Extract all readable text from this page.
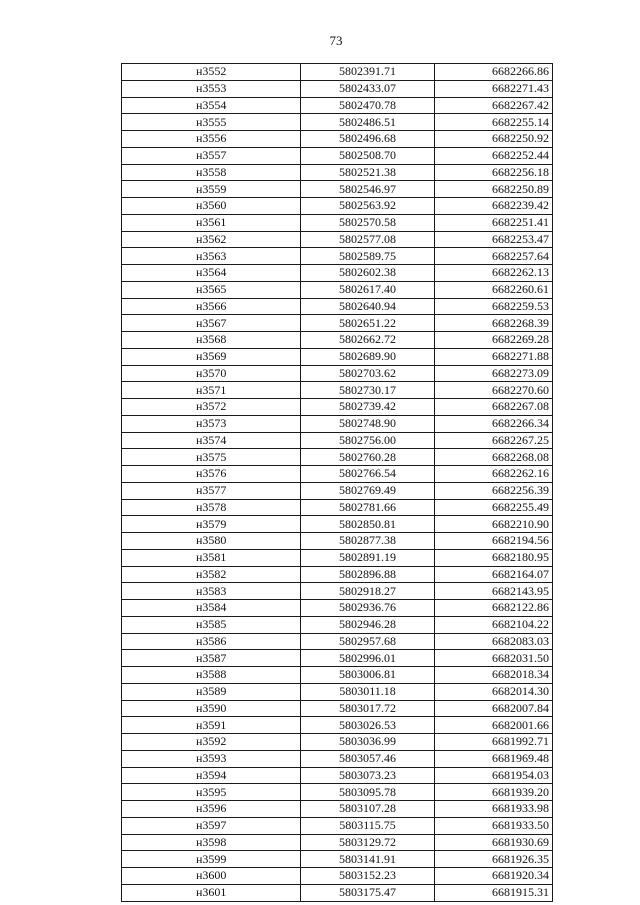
73
н3552	5802391.71	6682266.86
н3553	5802433.07	6682271.43
н3554	5802470.78	6682267.42
н3555	5802486.51	6682255.14
н3556	5802496.68	6682250.92
н3557	5802508.70	6682252.44
н3558	5802521.38	6682256.18
н3559	5802546.97	6682250.89
н3560	5802563.92	6682239.42
н3561	5802570.58	6682251.41
н3562	5802577.08	6682253.47
н3563	5802589.75	6682257.64
н3564	5802602.38	6682262.13
н3565	5802617.40	6682260.61
н3566	5802640.94	6682259.53
н3567	5802651.22	6682268.39
н3568	5802662.72	6682269.28
н3569	5802689.90	6682271.88
н3570	5802703.62	6682273.09
н3571	5802730.17	6682270.60
н3572	5802739.42	6682267.08
н3573	5802748.90	6682266.34
н3574	5802756.00	6682267.25
н3575	5802760.28	6682268.08
н3576	5802766.54	6682262.16
н3577	5802769.49	6682256.39
н3578	5802781.66	6682255.49
н3579	5802850.81	6682210.90
н3580	5802877.38	6682194.56
н3581	5802891.19	6682180.95
н3582	5802896.88	6682164.07
н3583	5802918.27	6682143.95
н3584	5802936.76	6682122.86
н3585	5802946.28	6682104.22
н3586	5802957.68	6682083.03
н3587	5802996.01	6682031.50
н3588	5803006.81	6682018.34
н3589	5803011.18	6682014.30
н3590	5803017.72	6682007.84
н3591	5803026.53	6682001.66
н3592	5803036.99	6681992.71
н3593	5803057.46	6681969.48
н3594	5803073.23	6681954.03
н3595	5803095.78	6681939.20
н3596	5803107.28	6681933.98
н3597	5803115.75	6681933.50
н3598	5803129.72	6681930.69
н3599	5803141.91	6681926.35
н3600	5803152.23	6681920.34
н3601	5803175.47	6681915.31
